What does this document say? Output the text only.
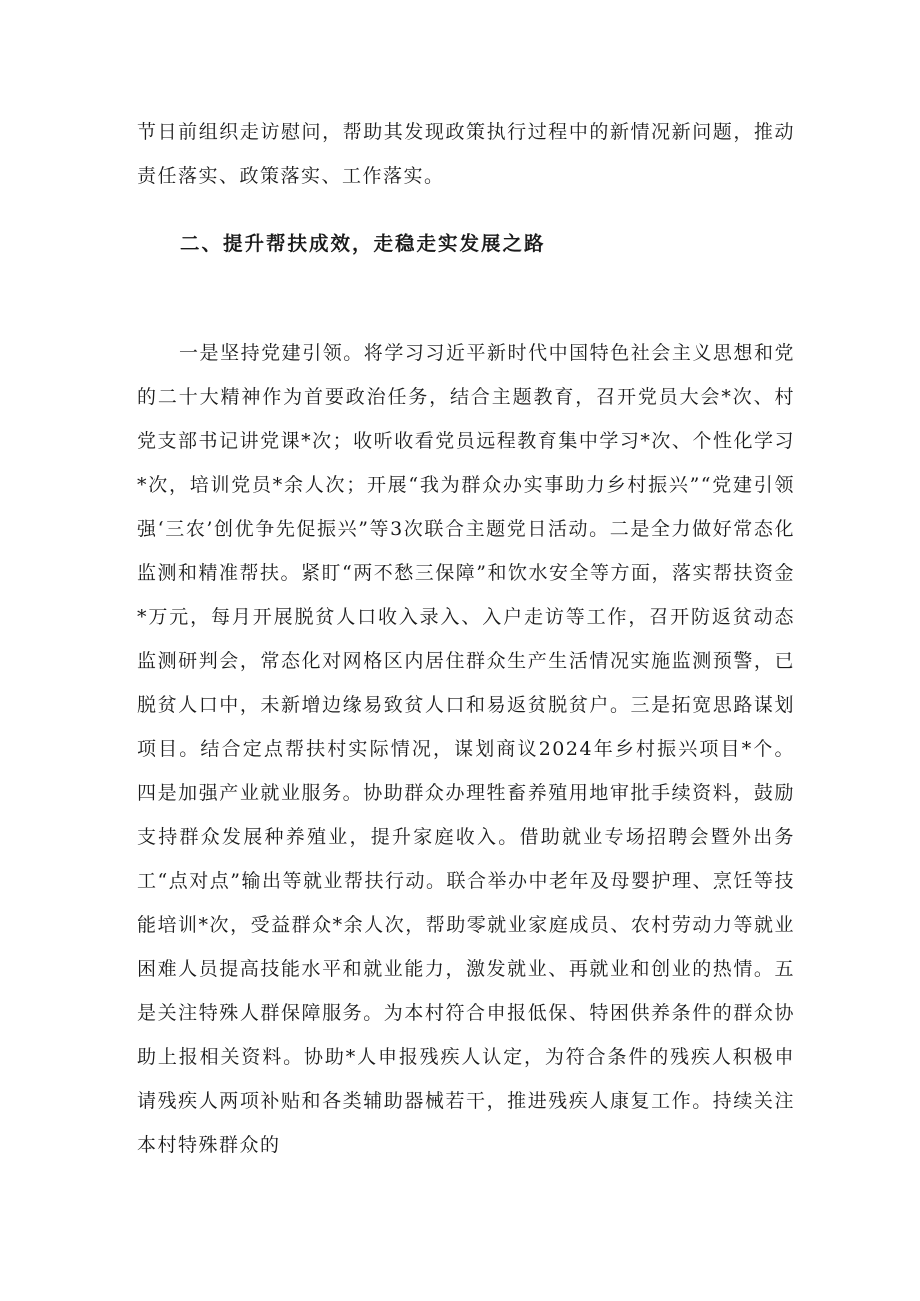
节日前组织走访慰问，帮助其发现政策执行过程中的新情况新问题，推动责任落实、政策落实、工作落实。

二、提升帮扶成效，走稳走实发展之路

一是坚持党建引领。将学习习近平新时代中国特色社会主义思想和党的二十大精神作为首要政治任务，结合主题教育，召开党员大会*次、村党支部书记讲党课*次；收听收看党员远程教育集中学习*次、个性化学习*次，培训党员*余人次；开展“我为群众办实事助力乡村振兴”“党建引领强‘三农’创优争先促振兴”等3次联合主题党日活动。二是全力做好常态化监测和精准帮扶。紧盯“两不愁三保障”和饮水安全等方面，落实帮扶资金*万元，每月开展脱贫人口收入录入、入户走访等工作，召开防返贫动态监测研判会，常态化对网格区内居住群众生产生活情况实施监测预警，已脱贫人口中，未新增边缘易致贫人口和易返贫脱贫户。三是拓宽思路谋划项目。结合定点帮扶村实际情况，谋划商议2024年乡村振兴项目*个。四是加强产业就业服务。协助群众办理牲畜养殖用地审批手续资料，鼓励支持群众发展种养殖业，提升家庭收入。借助就业专场招聘会暨外出务工“点对点”输出等就业帮扶行动。联合举办中老年及母婴护理、烹饪等技能培训*次，受益群众*余人次，帮助零就业家庭成员、农村劳动力等就业困难人员提高技能水平和就业能力，激发就业、再就业和创业的热情。五是关注特殊人群保障服务。为本村符合申报低保、特困供养条件的群众协助上报相关资料。协助*人申报残疾人认定，为符合条件的残疾人积极申请残疾人两项补贴和各类辅助器械若干，推进残疾人康复工作。持续关注本村特殊群众的
